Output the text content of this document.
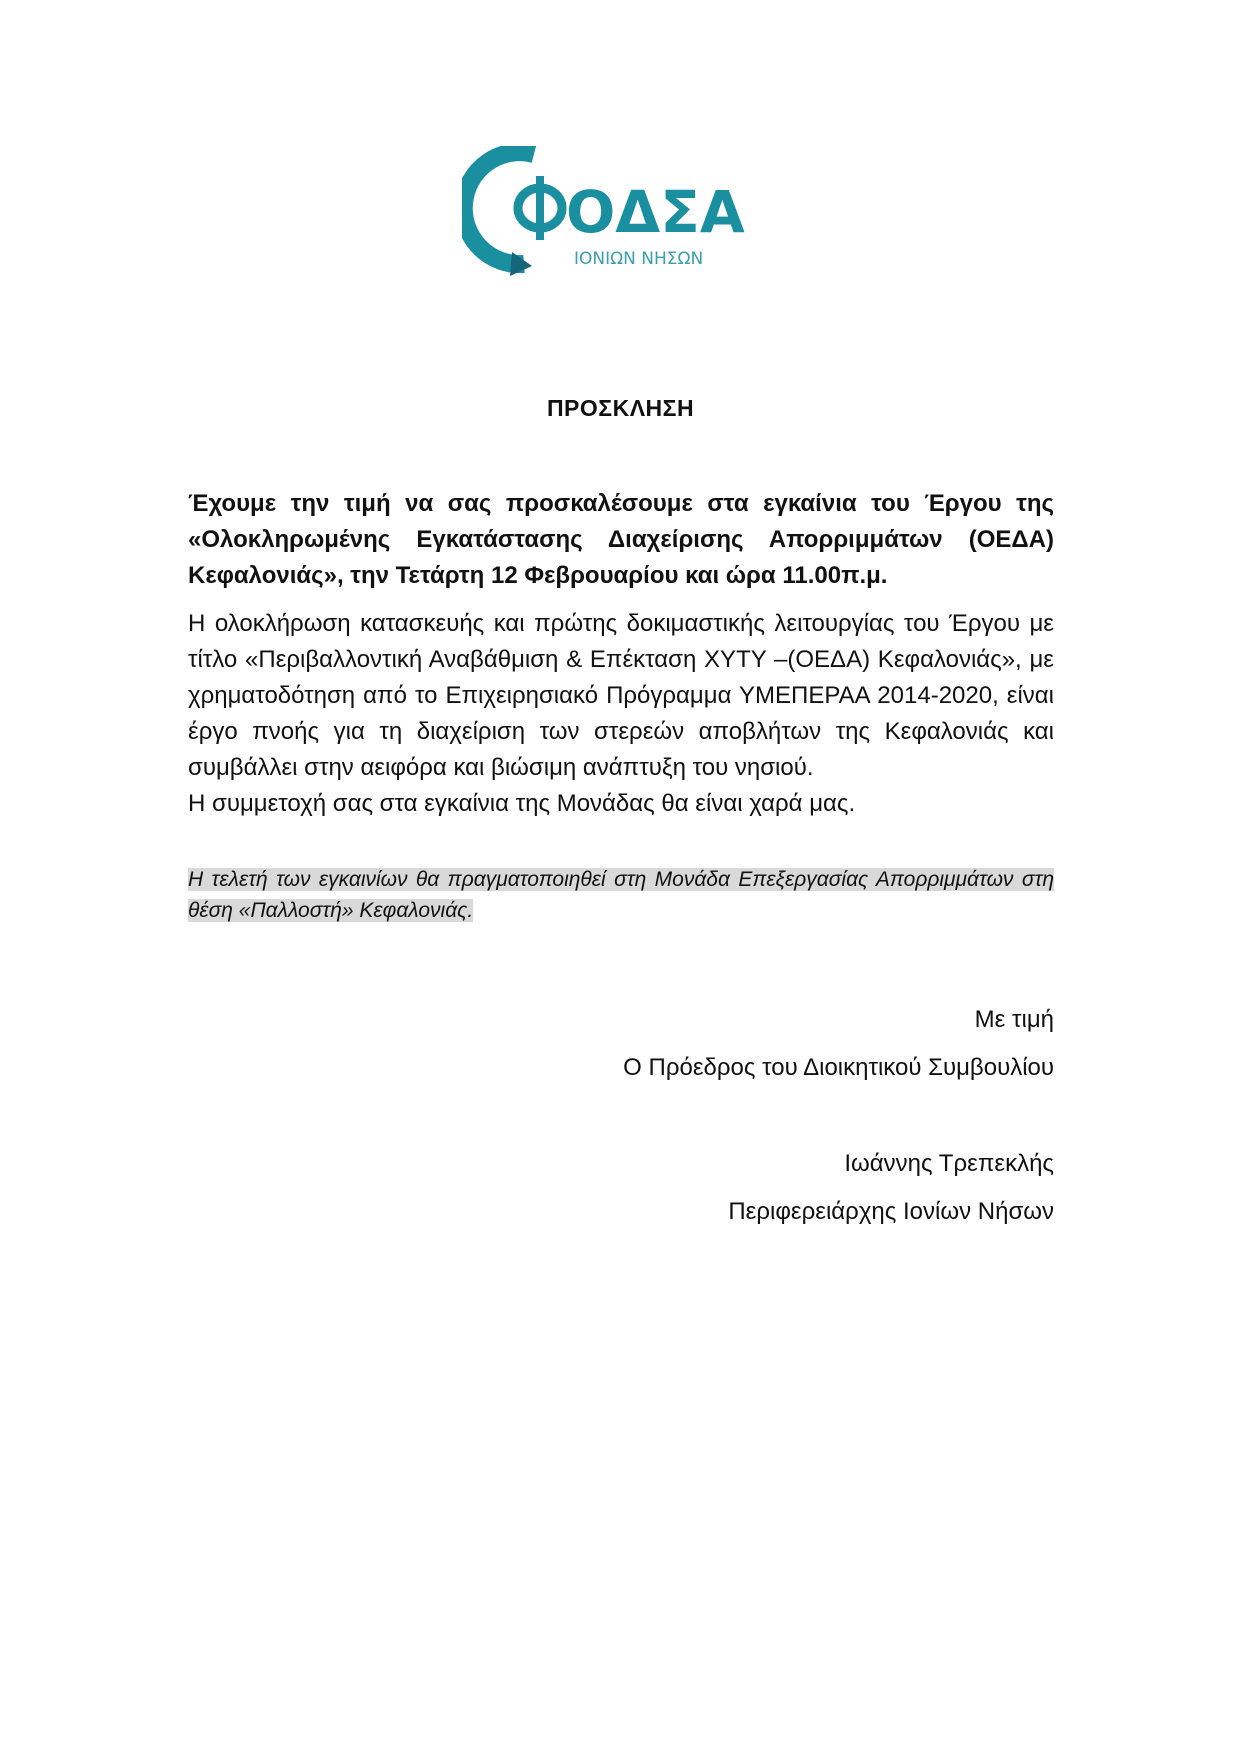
ΟΔΣΑ
ΙΟΝΙΩΝ ΝΗΣΩΝ
ΠΡΟΣΚΛΗΣΗ

Έχουμε την τιμή να σας προσκαλέσουμε στα εγκαίνια του Έργου της «Ολοκληρωμένης Εγκατάστασης Διαχείρισης Απορριμμάτων (ΟΕΔΑ) Κεφαλονιάς», την Τετάρτη 12 Φεβρουαρίου και ώρα 11.00π.μ.

Η ολοκλήρωση κατασκευής και πρώτης δοκιμαστικής λειτουργίας του Έργου με τίτλο «Περιβαλλοντική Αναβάθμιση & Επέκταση ΧΥΤΥ –(ΟΕΔΑ) Κεφαλονιάς», με χρηματοδότηση από το Επιχειρησιακό Πρόγραμμα ΥΜΕΠΕΡΑΑ 2014-2020, είναι έργο πνοής για τη διαχείριση των στερεών αποβλήτων της Κεφαλονιάς και συμβάλλει στην αειφόρα και βιώσιμη ανάπτυξη του νησιού.

Η συμμετοχή σας στα εγκαίνια της Μονάδας θα είναι χαρά μας.

Η τελετή των εγκαινίων θα πραγματοποιηθεί στη Μονάδα Επεξεργασίας Απορριμμάτων στη θέση «Παλλοστή» Κεφαλονιάς.
Με τιμή
Ο Πρόεδρος του Διοικητικού Συμβουλίου
Ιωάννης Τρεπεκλής
Περιφερειάρχης Ιονίων Νήσων
